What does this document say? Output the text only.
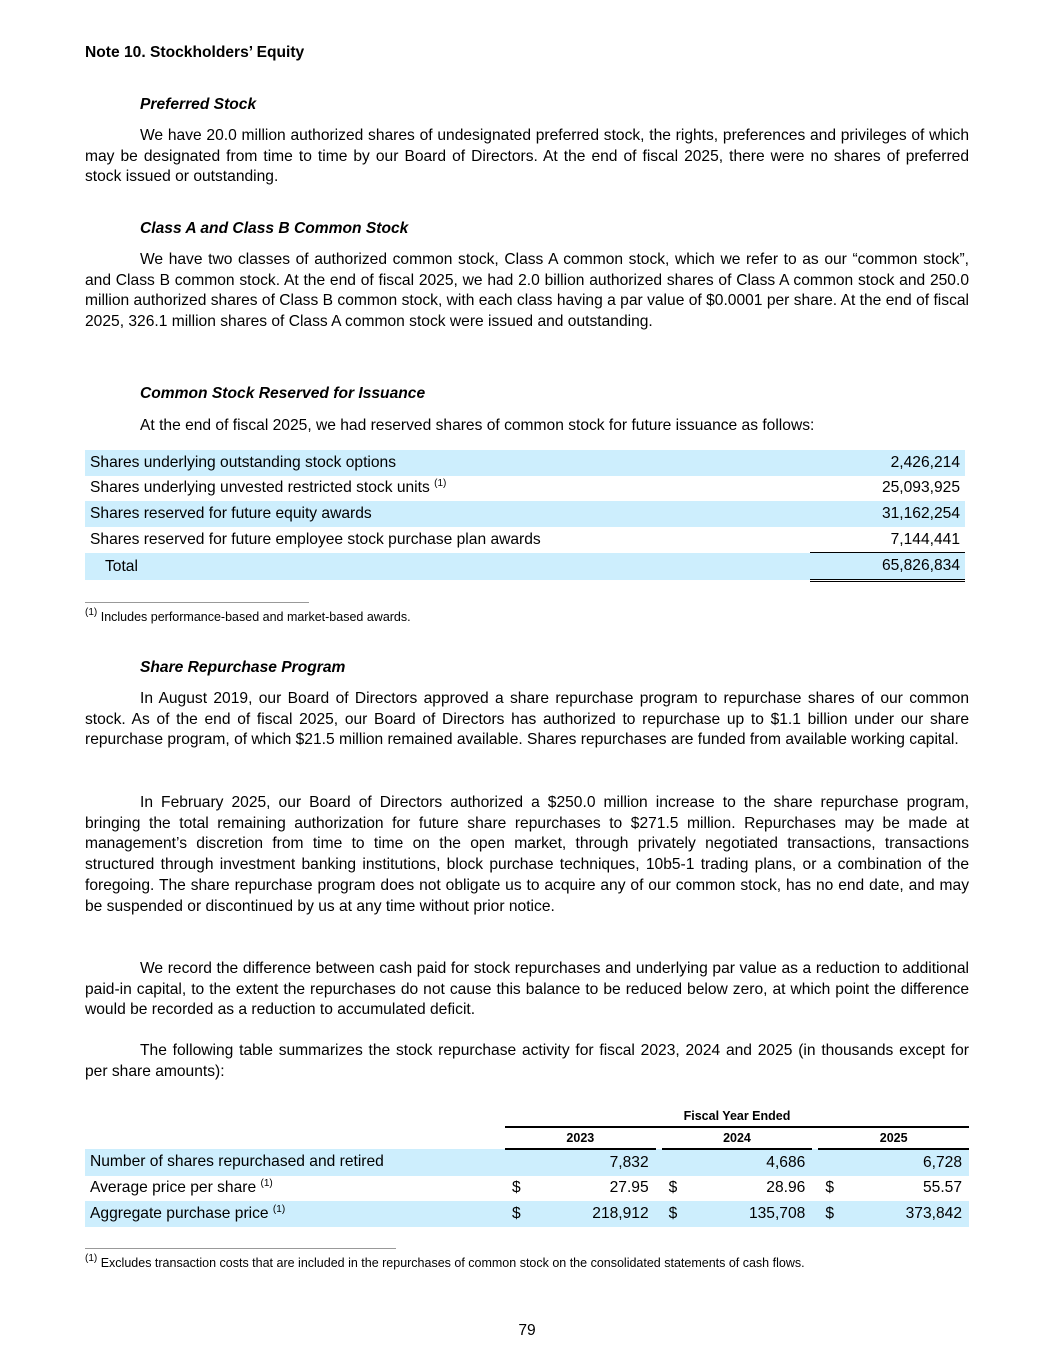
Note 10. Stockholders’ Equity
Preferred Stock

We have 20.0 million authorized shares of undesignated preferred stock, the rights, preferences and privileges of which may be designated from time to time by our Board of Directors. At the end of fiscal 2025, there were no shares of preferred stock issued or outstanding.

Class A and Class B Common Stock

We have two classes of authorized common stock, Class A common stock, which we refer to as our “common stock”, and Class B common stock. At the end of fiscal 2025, we had 2.0 billion authorized shares of Class A common stock and 250.0 million authorized shares of Class B common stock, with each class having a par value of $0.0001 per share. At the end of fiscal 2025, 326.1 million shares of Class A common stock were issued and outstanding.

Common Stock Reserved for Issuance

At the end of fiscal 2025, we had reserved shares of common stock for future issuance as follows:

Shares underlying outstanding stock options	2,426,214
Shares underlying unvested restricted stock units $^{(1)}$	25,093,925
Shares reserved for future equity awards	31,162,254
Shares reserved for future employee stock purchase plan awards	7,144,441
Total	65,826,834
$^{(1)}$ Includes performance-based and market-based awards.
Share Repurchase Program

In August 2019, our Board of Directors approved a share repurchase program to repurchase shares of our common stock. As of the end of fiscal 2025, our Board of Directors has authorized to repurchase up to $1.1 billion under our share repurchase program, of which $21.5 million remained available. Shares repurchases are funded from available working capital.

In February 2025, our Board of Directors authorized a $250.0 million increase to the share repurchase program, bringing the total remaining authorization for future share repurchases to $271.5 million. Repurchases may be made at management’s discretion from time to time on the open market, through privately negotiated transactions, transactions structured through investment banking institutions, block purchase techniques, 10b5-1 trading plans, or a combination of the foregoing. The share repurchase program does not obligate us to acquire any of our common stock, has no end date, and may be suspended or discontinued by us at any time without prior notice.

We record the difference between cash paid for stock repurchases and underlying par value as a reduction to additional paid-in capital, to the extent the repurchases do not cause this balance to be reduced below zero, at which point the difference would be recorded as a reduction to accumulated deficit.

The following table summarizes the stock repurchase activity for fiscal 2023, 2024 and 2025 (in thousands except for per share amounts):

	Fiscal Year Ended							
	2023			2024			2025	
Number of shares repurchased and retired		7,832			4,686			6,728
Average price per share $^{(1)}$	$	27.95		$	28.96		$	55.57
Aggregate purchase price $^{(1)}$	$	218,912		$	135,708		$	373,842
$^{(1)}$ Excludes transaction costs that are included in the repurchases of common stock on the consolidated statements of cash flows.
79
